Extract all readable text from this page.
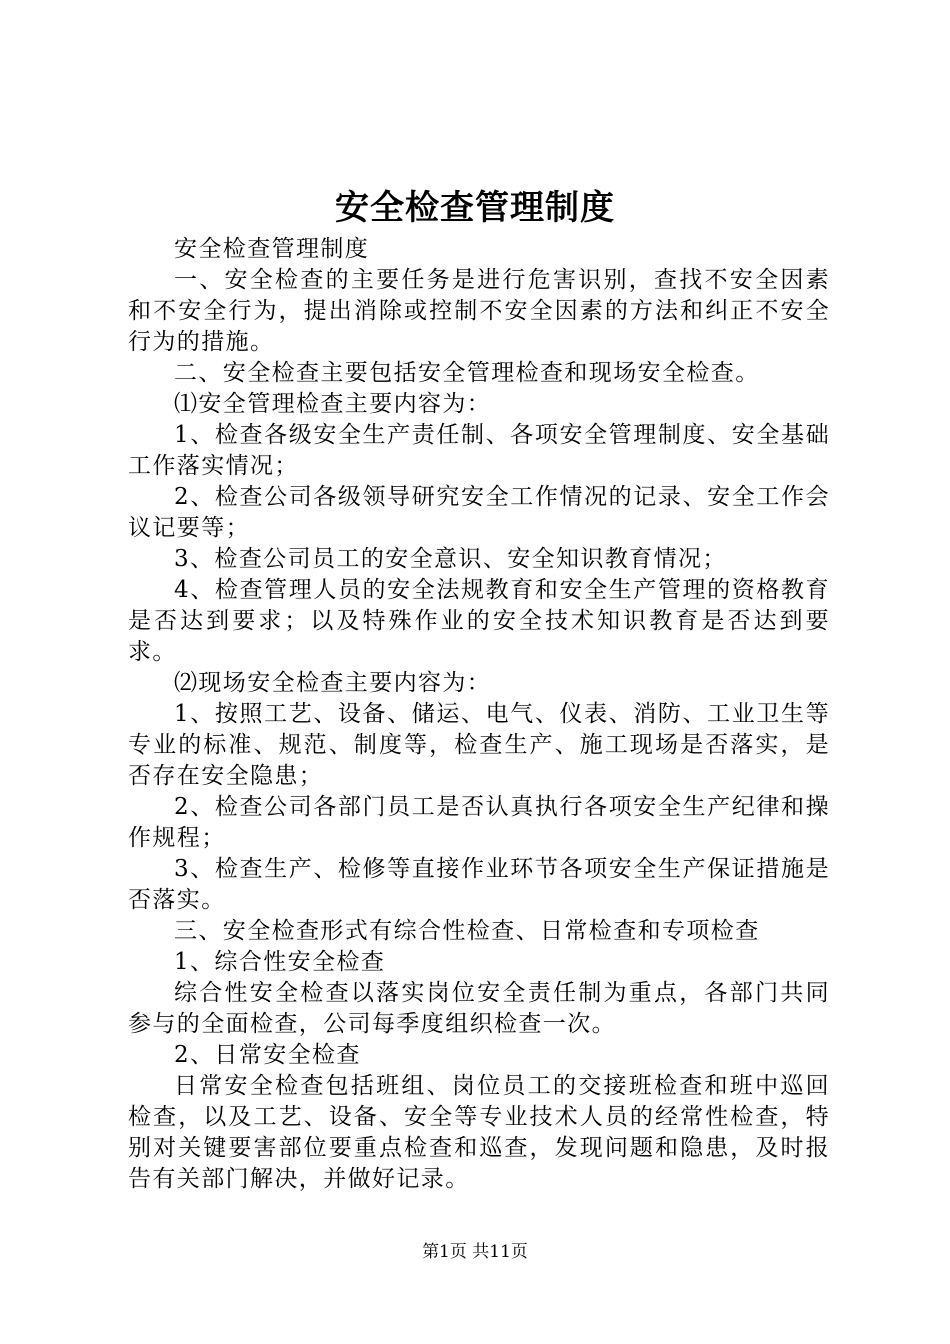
安全检查管理制度

安全检查管理制度

一、安全检查的主要任务是进行危害识别，查找不安全因素和不安全行为，提出消除或控制不安全因素的方法和纠正不安全行为的措施。

二、安全检查主要包括安全管理检查和现场安全检查。

⑴安全管理检查主要内容为：

1、检查各级安全生产责任制、各项安全管理制度、安全基础工作落实情况；

2、检查公司各级领导研究安全工作情况的记录、安全工作会议记要等；

3、检查公司员工的安全意识、安全知识教育情况；

4、检查管理人员的安全法规教育和安全生产管理的资格教育是否达到要求；以及特殊作业的安全技术知识教育是否达到要求。

⑵现场安全检查主要内容为：

1、按照工艺、设备、储运、电气、仪表、消防、工业卫生等专业的标准、规范、制度等，检查生产、施工现场是否落实，是否存在安全隐患；

2、检查公司各部门员工是否认真执行各项安全生产纪律和操作规程；

3、检查生产、检修等直接作业环节各项安全生产保证措施是否落实。

三、安全检查形式有综合性检查、日常检查和专项检查

1、综合性安全检查

综合性安全检查以落实岗位安全责任制为重点，各部门共同参与的全面检查，公司每季度组织检查一次。

2、日常安全检查

日常安全检查包括班组、岗位员工的交接班检查和班中巡回检查，以及工艺、设备、安全等专业技术人员的经常性检查，特别对关键要害部位要重点检查和巡查，发现问题和隐患，及时报告有关部门解决，并做好记录。

第1页 共11页
